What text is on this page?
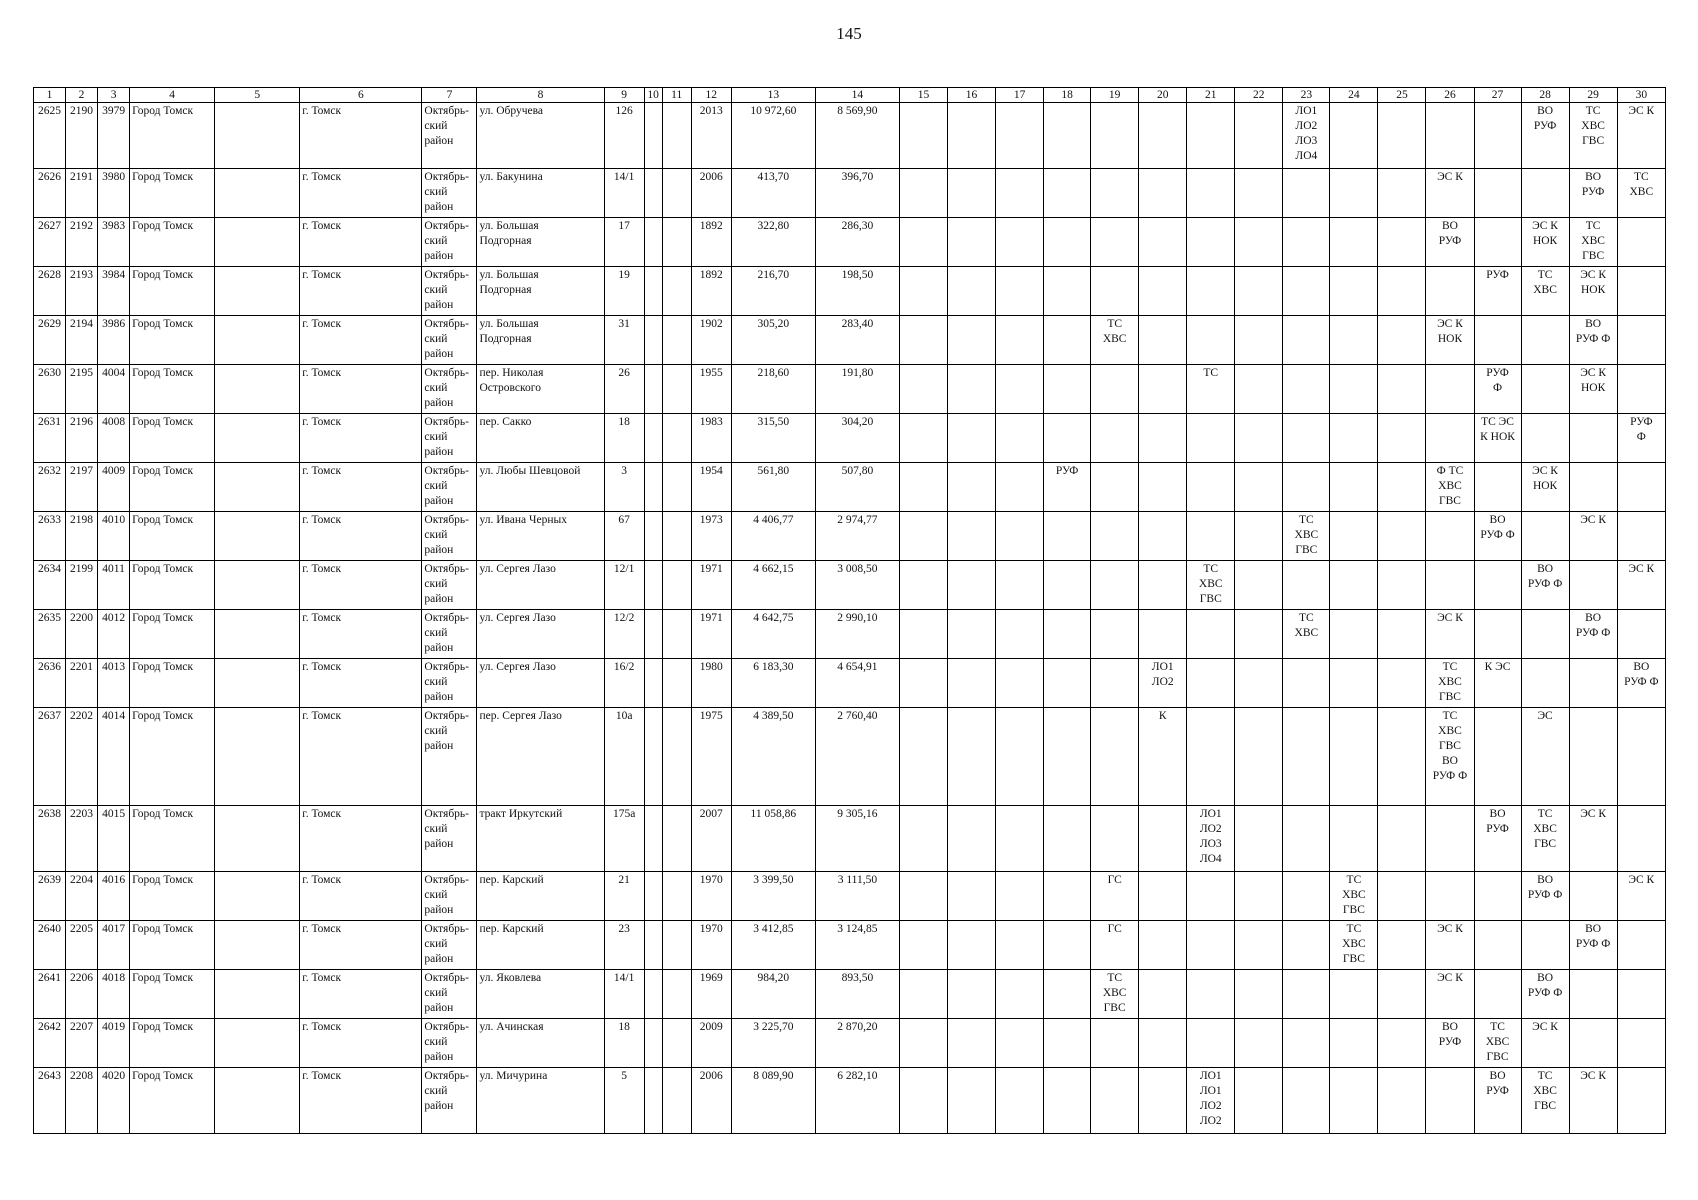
145
1	2	3	4	5	6	7	8	9	10	11	12	13	14	15	16	17	18	19	20	21	22	23	24	25	26	27	28	29	30
2625	2190	3979	Город Томск		г. Томск	Октябрь-
ский
район	ул. Обручева	126			2013	10 972,60	8 569,90									ЛО1
ЛО2
ЛО3
ЛО4					ВО
РУФ	ТС
ХВС
ГВС	ЭС К
2626	2191	3980	Город Томск		г. Томск	Октябрь-
ский
район	ул. Бакунина	14/1			2006	413,70	396,70												ЭС К			ВО
РУФ	ТС
ХВС
2627	2192	3983	Город Томск		г. Томск	Октябрь-
ский
район	ул. Большая
Подгорная	17			1892	322,80	286,30												ВО
РУФ		ЭС К
НОК	ТС
ХВС
ГВС	
2628	2193	3984	Город Томск		г. Томск	Октябрь-
ский
район	ул. Большая
Подгорная	19			1892	216,70	198,50													РУФ	ТС
ХВС	ЭС К
НОК	
2629	2194	3986	Город Томск		г. Томск	Октябрь-
ский
район	ул. Большая
Подгорная	31			1902	305,20	283,40					ТС
ХВС							ЭС К
НОК			ВО
РУФ Ф	
2630	2195	4004	Город Томск		г. Томск	Октябрь-
ский
район	пер. Николая
Островского	26			1955	218,60	191,80							ТС						РУФ
Ф		ЭС К
НОК	
2631	2196	4008	Город Томск		г. Томск	Октябрь-
ский
район	пер. Сакко	18			1983	315,50	304,20													ТС ЭС
К НОК			РУФ
Ф
2632	2197	4009	Город Томск		г. Томск	Октябрь-
ский
район	ул. Любы Шевцовой	3			1954	561,80	507,80				РУФ								Ф ТС
ХВС
ГВС		ЭС К
НОК		
2633	2198	4010	Город Томск		г. Томск	Октябрь-
ский
район	ул. Ивана Черных	67			1973	4 406,77	2 974,77									ТС
ХВС
ГВС				ВО
РУФ Ф		ЭС К	
2634	2199	4011	Город Томск		г. Томск	Октябрь-
ский
район	ул. Сергея Лазо	12/1			1971	4 662,15	3 008,50							ТС
ХВС
ГВС							ВО
РУФ Ф		ЭС К
2635	2200	4012	Город Томск		г. Томск	Октябрь-
ский
район	ул. Сергея Лазо	12/2			1971	4 642,75	2 990,10									ТС
ХВС			ЭС К			ВО
РУФ Ф	
2636	2201	4013	Город Томск		г. Томск	Октябрь-
ский
район	ул. Сергея Лазо	16/2			1980	6 183,30	4 654,91						ЛО1
ЛО2						ТС
ХВС
ГВС	К ЭС			ВО
РУФ Ф
2637	2202	4014	Город Томск		г. Томск	Октябрь-
ский
район	пер. Сергея Лазо	10а			1975	4 389,50	2 760,40						К						ТС
ХВС
ГВС
ВО
РУФ Ф		ЭС		
2638	2203	4015	Город Томск		г. Томск	Октябрь-
ский
район	тракт Иркутский	175а			2007	11 058,86	9 305,16							ЛО1
ЛО2
ЛО3
ЛО4						ВО
РУФ	ТС
ХВС
ГВС	ЭС К	
2639	2204	4016	Город Томск		г. Томск	Октябрь-
ский
район	пер. Карский	21			1970	3 399,50	3 111,50					ГС					ТС
ХВС
ГВС				ВО
РУФ Ф		ЭС К
2640	2205	4017	Город Томск		г. Томск	Октябрь-
ский
район	пер. Карский	23			1970	3 412,85	3 124,85					ГС					ТС
ХВС
ГВС		ЭС К			ВО
РУФ Ф	
2641	2206	4018	Город Томск		г. Томск	Октябрь-
ский
район	ул. Яковлева	14/1			1969	984,20	893,50					ТС
ХВС
ГВС							ЭС К		ВО
РУФ Ф		
2642	2207	4019	Город Томск		г. Томск	Октябрь-
ский
район	ул. Ачинская	18			2009	3 225,70	2 870,20												ВО
РУФ	ТС
ХВС
ГВС	ЭС К		
2643	2208	4020	Город Томск		г. Томск	Октябрь-
ский
район	ул. Мичурина	5			2006	8 089,90	6 282,10							ЛО1
ЛО1
ЛО2
ЛО2						ВО
РУФ	ТС
ХВС
ГВС	ЭС К	
